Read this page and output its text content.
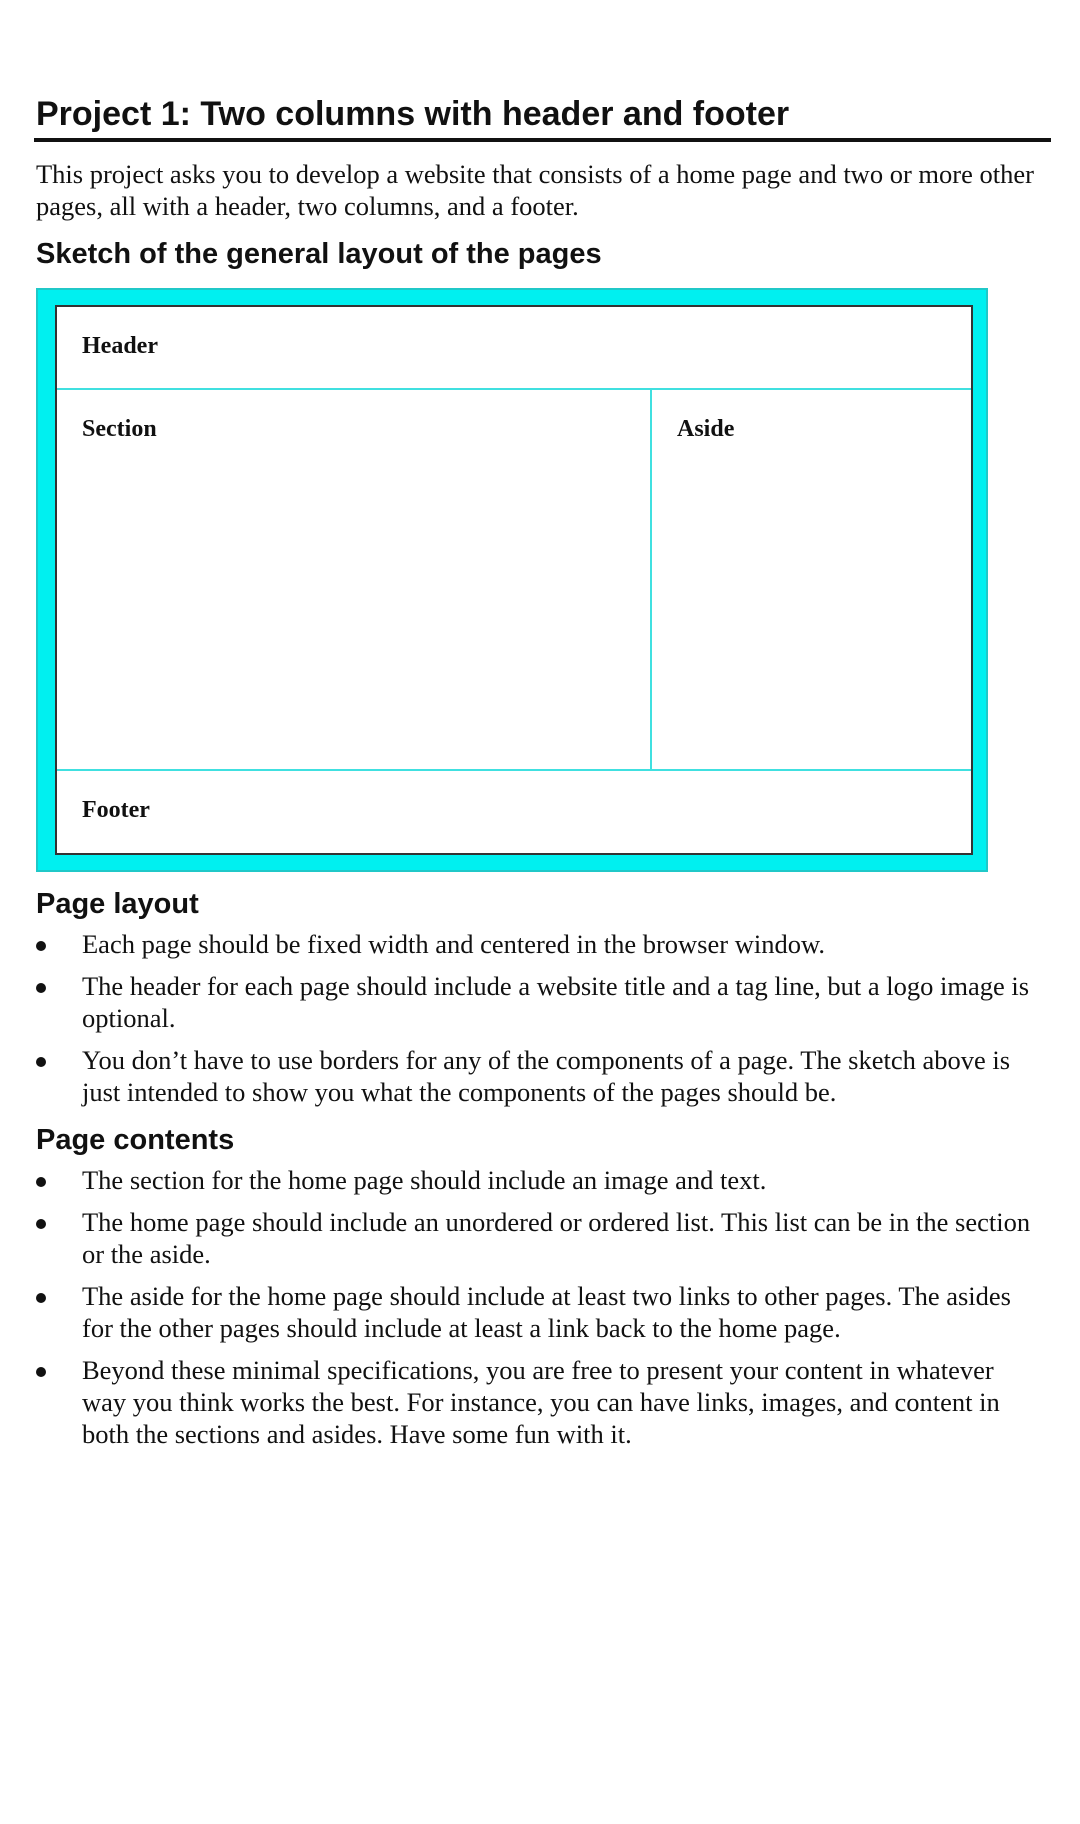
Project 1: Two columns with header and footer

This project asks you to develop a website that consists of a home page and two or more other pages, all with a header, two columns, and a footer.

Sketch of the general layout of the pages
Header
Section	Aside
Footer
Page layout
Each page should be fixed width and centered in the browser window.
The header for each page should include a website title and a tag line, but a logo image is optional.
You don’t have to use borders for any of the components of a page. The sketch above is just intended to show you what the components of the pages should be.
Page contents
The section for the home page should include an image and text.
The home page should include an unordered or ordered list. This list can be in the section or the aside.
The aside for the home page should include at least two links to other pages. The asides for the other pages should include at least a link back to the home page.
Beyond these minimal specifications, you are free to present your content in whatever way you think works the best. For instance, you can have links, images, and content in both the sections and asides. Have some fun with it.
